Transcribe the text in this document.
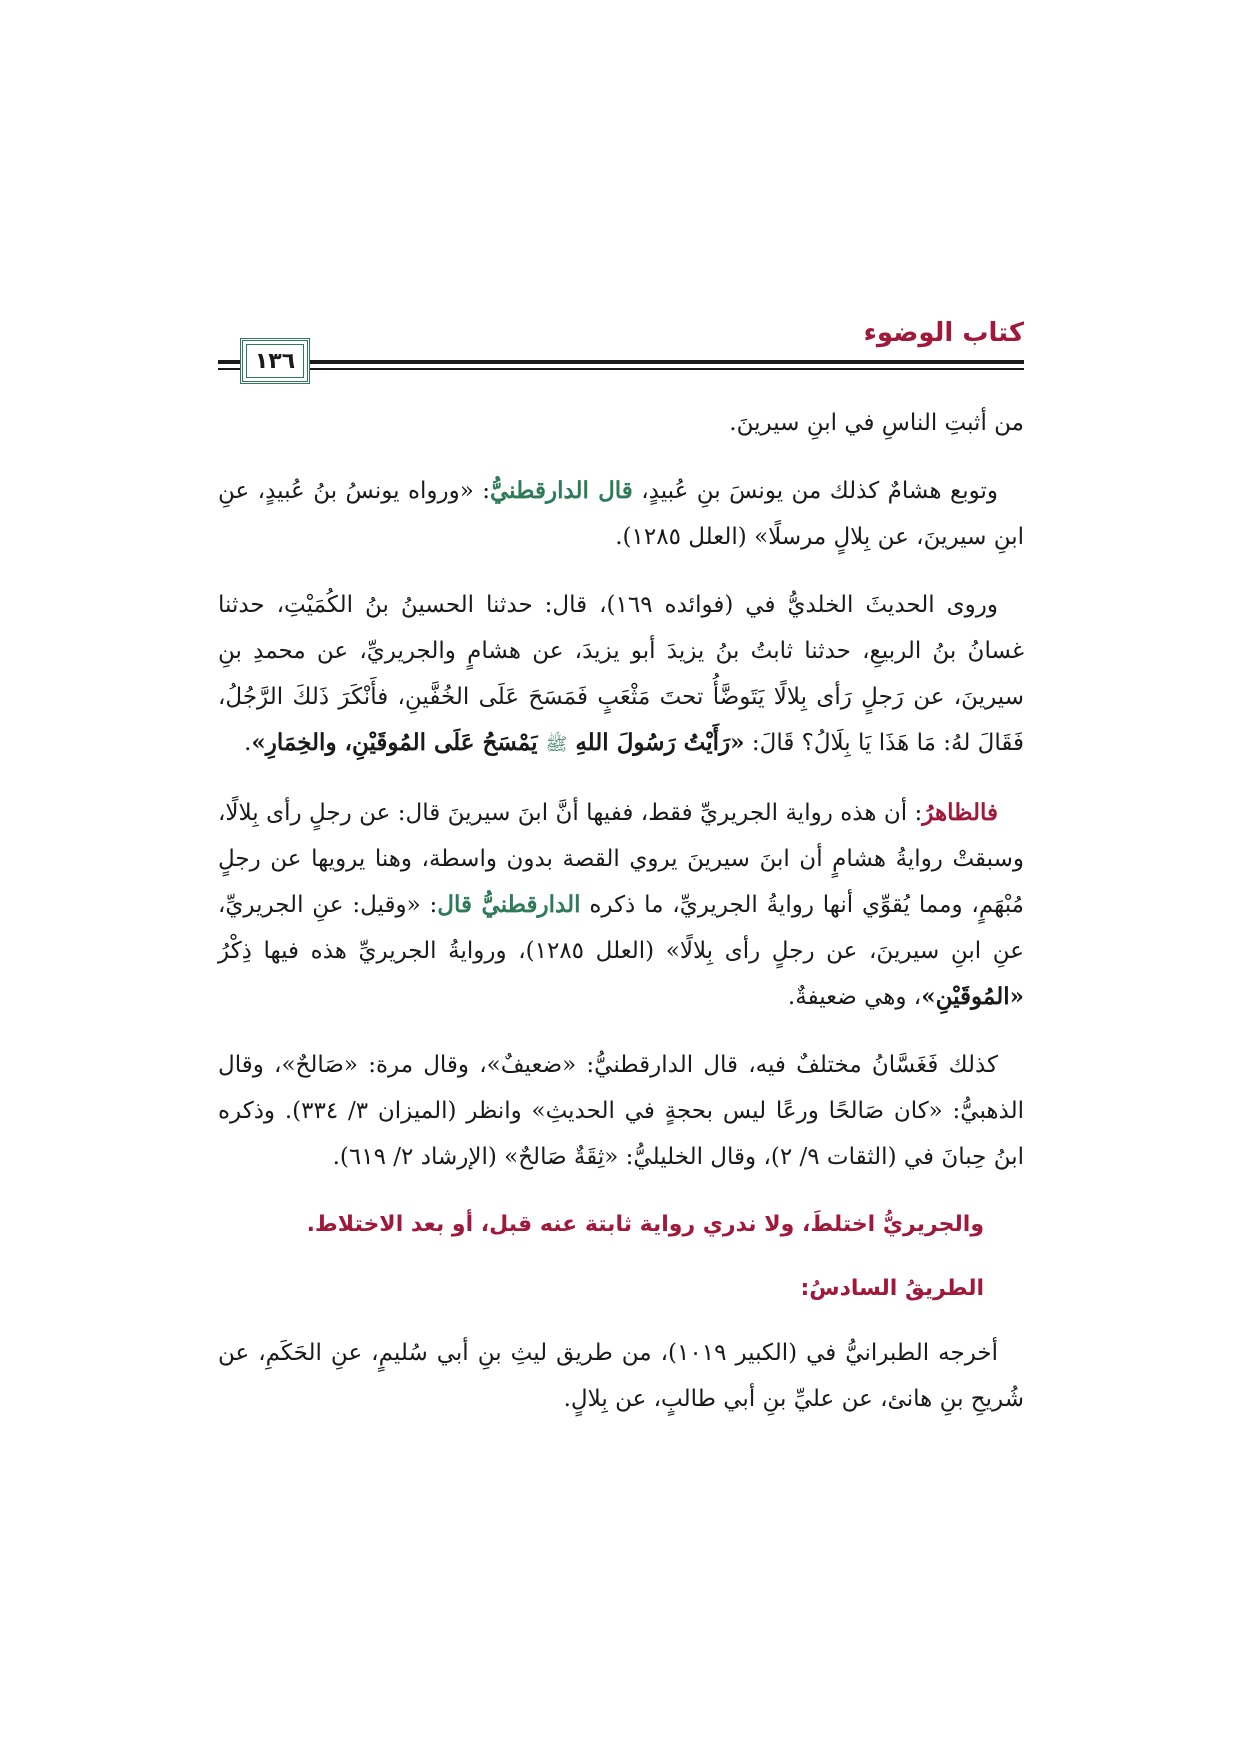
كتاب الوضوء
١٣٦

من أثبتِ الناسِ في ابنِ سيرينَ.

وتوبع هشامٌ كذلك من يونسَ بنِ عُبيدٍ، قال الدارقطنيُّ: «ورواه يونسُ بنُ عُبيدٍ، عنِ ابنِ سيرينَ، عن بِلالٍ مرسلًا» (العلل ١٢٨٥).

وروى الحديثَ الخلديُّ في (فوائده ١٦٩)، قال: حدثنا الحسينُ بنُ الكُمَيْتِ، حدثنا غسانُ بنُ الربيعِ، حدثنا ثابتُ بنُ يزيدَ أبو يزيدَ، عن هشامٍ والجريريِّ، عن محمدِ بنِ سيرينَ، عن رَجلٍ رَأى بِلالًا يَتَوضَّأُ تحتَ مَثْعَبٍ فَمَسَحَ عَلَى الخُفَّينِ، فأَنْكَرَ ذَلكَ الرَّجُلُ، فَقَالَ لهُ: مَا هَذَا يَا بِلَالُ؟ قَالَ: «رَأَيْتُ رَسُولَ اللهِ ﷺ يَمْسَحُ عَلَى المُوقَيْنِ، والخِمَارِ».

فالظاهرُ: أن هذه رواية الجريريِّ فقط، ففيها أنَّ ابنَ سيرينَ قال: عن رجلٍ رأى بِلالًا، وسبقتْ روايةُ هشامٍ أن ابنَ سيرينَ يروي القصة بدون واسطة، وهنا يرويها عن رجلٍ مُبْهَمٍ، ومما يُقوِّي أنها روايةُ الجريريِّ، ما ذكره الدارقطنيُّ قال: «وقيل: عنِ الجريريِّ، عنِ ابنِ سيرينَ، عن رجلٍ رأى بِلالًا» (العلل ١٢٨٥)، وروايةُ الجريريِّ هذه فيها ذِكْرُ «المُوقَيْنِ»، وهي ضعيفةٌ.

كذلك فَغَسَّانُ مختلفٌ فيه، قال الدارقطنيُّ: «ضعيفٌ»، وقال مرة: «صَالحٌ»، وقال الذهبيُّ: «كان صَالحًا ورعًا ليس بحجةٍ في الحديثِ» وانظر (الميزان ٣/ ٣٣٤). وذكره ابنُ حِبانَ في (الثقات ٩/ ٢)، وقال الخليليُّ: «ثِقَةٌ صَالحٌ» (الإرشاد ٢/ ٦١٩).

والجريريُّ اختلطَ، ولا ندري رواية ثابتة عنه قبل، أو بعد الاختلاط.

الطريقُ السادسُ:

أخرجه الطبرانيُّ في (الكبير ١٠١٩)، من طريق ليثِ بنِ أبي سُليمٍ، عنِ الحَكَمِ، عن شُريحِ بنِ هانئ، عن عليِّ بنِ أبي طالبٍ، عن بِلالٍ.
